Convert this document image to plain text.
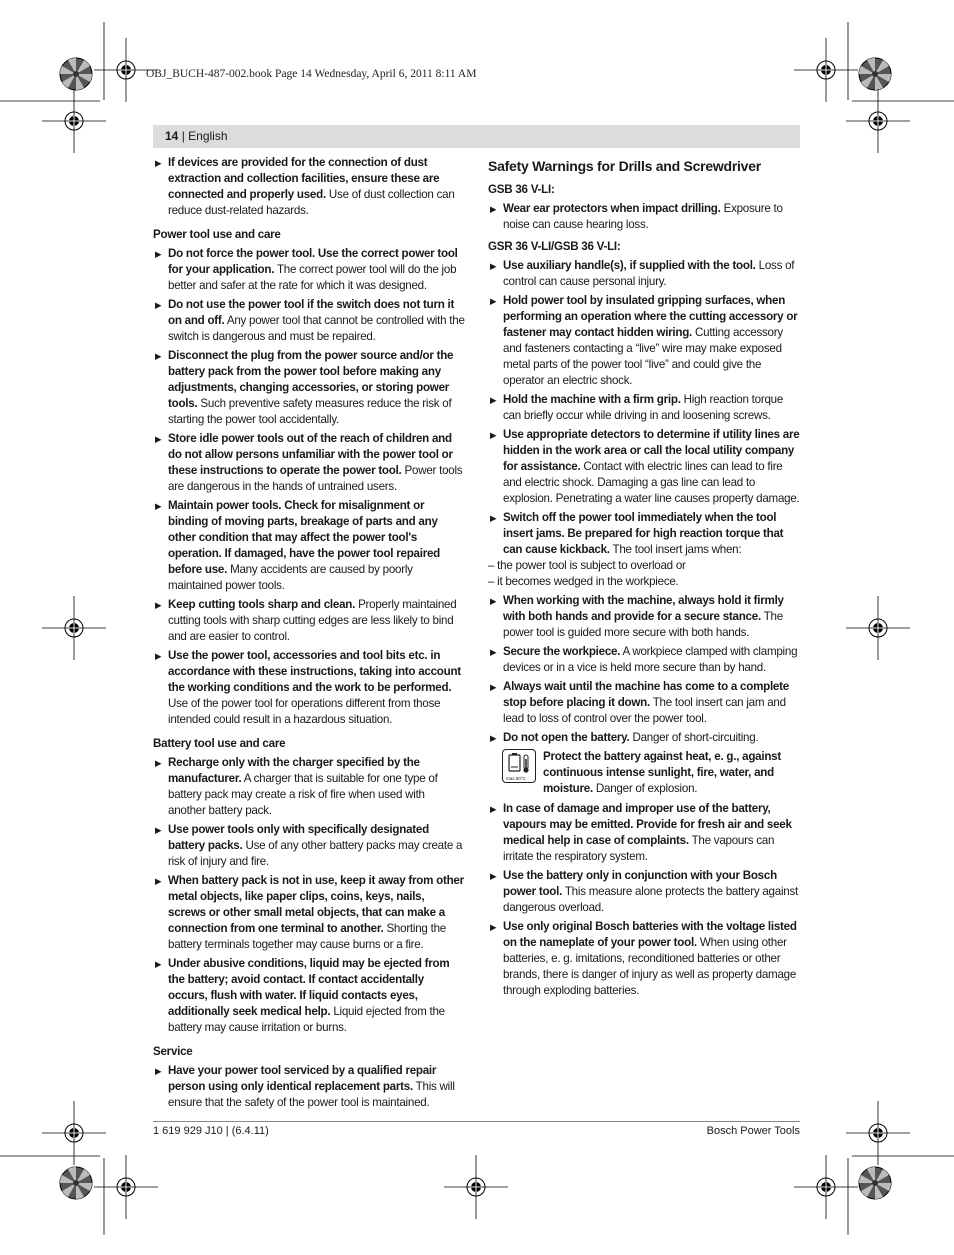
OBJ_BUCH-487-002.book Page 14 Wednesday, April 6, 2011 8:11 AM
14 | English
▶ If devices are provided for the connection of dust extraction and collection facilities, ensure these are connected and properly used. Use of dust collection can reduce dust-related hazards.
Power tool use and care
▶ Do not force the power tool. Use the correct power tool for your application. The correct power tool will do the job better and safer at the rate for which it was designed.
▶ Do not use the power tool if the switch does not turn it on and off. Any power tool that cannot be controlled with the switch is dangerous and must be repaired.
▶ Disconnect the plug from the power source and/or the battery pack from the power tool before making any adjustments, changing accessories, or storing power tools. Such preventive safety measures reduce the risk of starting the power tool accidentally.
▶ Store idle power tools out of the reach of children and do not allow persons unfamiliar with the power tool or these instructions to operate the power tool. Power tools are dangerous in the hands of untrained users.
▶ Maintain power tools. Check for misalignment or binding of moving parts, breakage of parts and any other condition that may affect the power tool's operation. If damaged, have the power tool repaired before use. Many accidents are caused by poorly maintained power tools.
▶ Keep cutting tools sharp and clean. Properly maintained cutting tools with sharp cutting edges are less likely to bind and are easier to control.
▶ Use the power tool, accessories and tool bits etc. in accordance with these instructions, taking into account the working conditions and the work to be performed. Use of the power tool for operations different from those intended could result in a hazardous situation.
Battery tool use and care
▶ Recharge only with the charger specified by the manufacturer. A charger that is suitable for one type of battery pack may create a risk of fire when used with another battery pack.
▶ Use power tools only with specifically designated battery packs. Use of any other battery packs may create a risk of injury and fire.
▶ When battery pack is not in use, keep it away from other metal objects, like paper clips, coins, keys, nails, screws or other small metal objects, that can make a connection from one terminal to another. Shorting the battery terminals together may cause burns or a fire.
▶ Under abusive conditions, liquid may be ejected from the battery; avoid contact. If contact accidentally occurs, flush with water. If liquid contacts eyes, additionally seek medical help. Liquid ejected from the battery may cause irritation or burns.
Service
▶ Have your power tool serviced by a qualified repair person using only identical replacement parts. This will ensure that the safety of the power tool is maintained.
Safety Warnings for Drills and Screwdriver
GSB 36 V-LI:
▶ Wear ear protectors when impact drilling. Exposure to noise can cause hearing loss.
GSR 36 V-LI/GSB 36 V-LI:
▶ Use auxiliary handle(s), if supplied with the tool. Loss of control can cause personal injury.
▶ Hold power tool by insulated gripping surfaces, when performing an operation where the cutting accessory or fastener may contact hidden wiring. Cutting accessory and fasteners contacting a “live” wire may make exposed metal parts of the power tool “live” and could give the operator an electric shock.
▶ Hold the machine with a firm grip. High reaction torque can briefly occur while driving in and loosening screws.
▶ Use appropriate detectors to determine if utility lines are hidden in the work area or call the local utility company for assistance. Contact with electric lines can lead to fire and electric shock. Damaging a gas line can lead to explosion. Penetrating a water line causes property damage.
▶ Switch off the power tool immediately when the tool insert jams. Be prepared for high reaction torque that can cause kickback. The tool insert jams when:
– the power tool is subject to overload or
– it becomes wedged in the workpiece.
▶ When working with the machine, always hold it firmly with both hands and provide for a secure stance. The power tool is guided more secure with both hands.
▶ Secure the workpiece. A workpiece clamped with clamping devices or in a vice is held more secure than by hand.
▶ Always wait until the machine has come to a complete stop before placing it down. The tool insert can jam and lead to loss of control over the power tool.
▶ Do not open the battery. Danger of short-circuiting.
max.50°C
Protect the battery against heat, e. g., against continuous intense sunlight, fire, water, and moisture. Danger of explosion.
▶ In case of damage and improper use of the battery, vapours may be emitted. Provide for fresh air and seek medical help in case of complaints. The vapours can irritate the respiratory system.
▶ Use the battery only in conjunction with your Bosch power tool. This measure alone protects the battery against dangerous overload.
▶ Use only original Bosch batteries with the voltage listed on the nameplate of your power tool. When using other batteries, e. g. imitations, reconditioned batteries or other brands, there is danger of injury as well as property damage through exploding batteries.
1 619 929 J10 | (6.4.11)	Bosch Power Tools
